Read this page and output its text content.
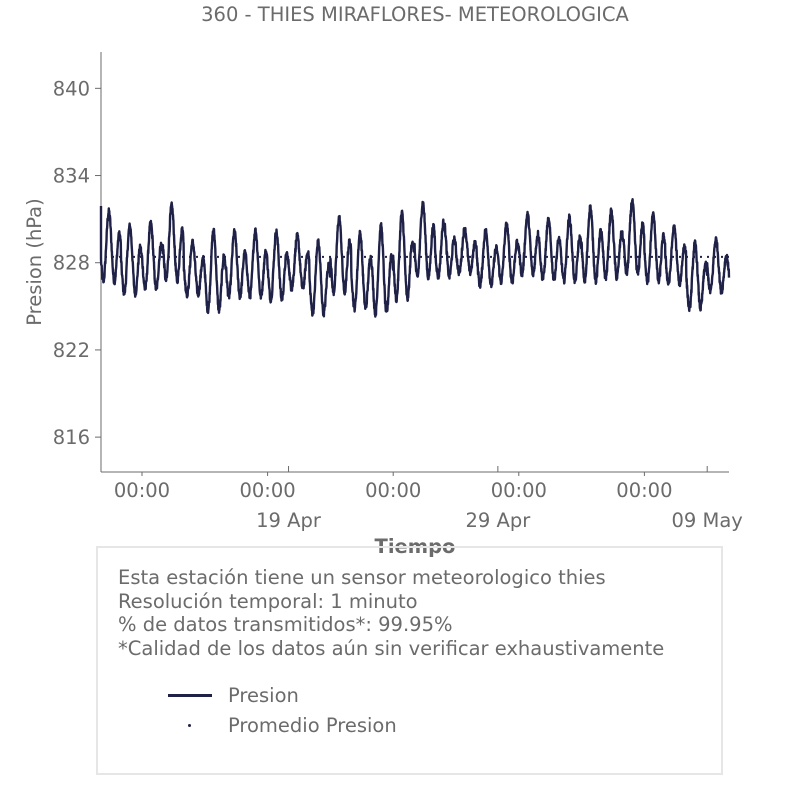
360 - THIES MIRAFLORES- METEOROLOGICA
Presion (hPa)
Tiempo
816
822
828
834
840
00:00	00:00	00:00	00:00	00:00
19 Apr	29 Apr	09 May
Esta estación tiene un sensor meteorologico thies
Resolución temporal: 1 minuto
% de datos transmitidos*: 99.95%
*Calidad de los datos aún sin verificar exhaustivamente
Presion
Promedio Presion
